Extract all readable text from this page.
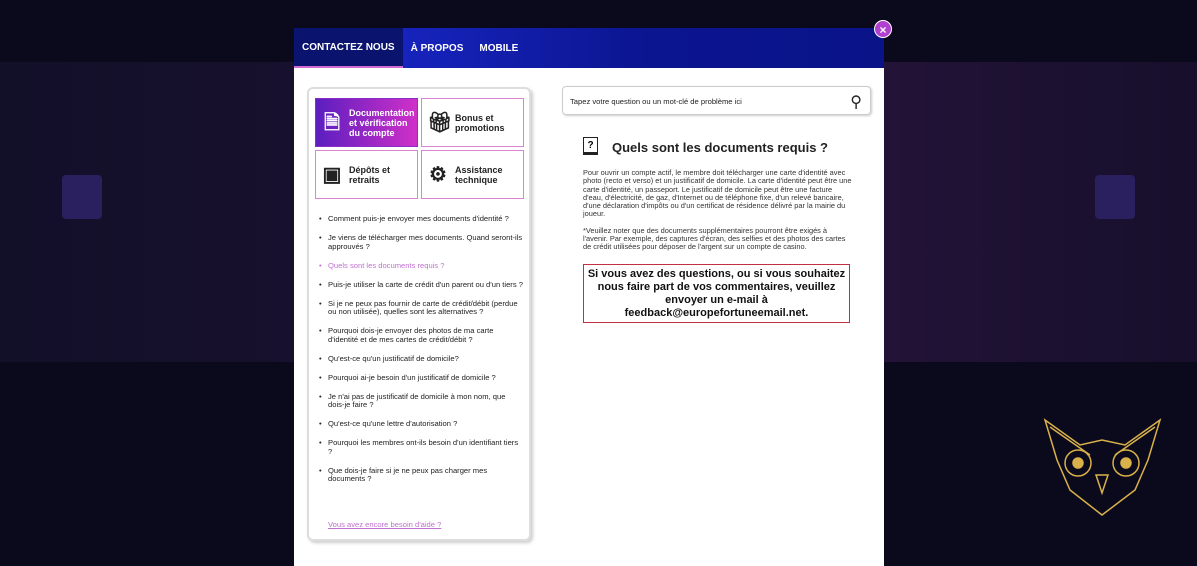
CONTACTEZ NOUS	À PROPOS	MOBILE
🗎 Documentation et vérification du compte	🎁︎ Bonus et promotions
▣ Dépôts et retraits	⚙ Assistance technique
• Comment puis-je envoyer mes documents d'identité ?
• Je viens de télécharger mes documents. Quand seront-ils approuvés ?
• Quels sont les documents requis ?
• Puis-je utiliser la carte de crédit d'un parent ou d'un tiers ?
• Si je ne peux pas fournir de carte de crédit/débit (perdue ou non utilisée), quelles sont les alternatives ?
• Pourquoi dois-je envoyer des photos de ma carte d'identité et de mes cartes de crédit/débit ?
• Qu'est-ce qu'un justificatif de domicile?
• Pourquoi ai-je besoin d'un justificatif de domicile ?
• Je n'ai pas de justificatif de domicile à mon nom, que dois-je faire ?
• Qu'est-ce qu'une lettre d'autorisation ?
• Pourquoi les membres ont-ils besoin d'un identifiant tiers ?
• Que dois-je faire si je ne peux pas charger mes documents ?
Vous avez encore besoin d'aide ?
Tapez votre question ou un mot-clé de problème ici	⚲
?	Quels sont les documents requis ?

Pour ouvrir un compte actif, le membre doit télécharger une carte d'identité avec photo (recto et verso) et un justificatif de domicile. La carte d'identité peut être une carte d'identité, un passeport. Le justificatif de domicile peut être une facture d'eau, d'électricité, de gaz, d'Internet ou de téléphone fixe, d'un relevé bancaire, d'une déclaration d'impôts ou d'un certificat de résidence délivré par la mairie du joueur.

*Veuillez noter que des documents supplémentaires pourront être exigés à l'avenir. Par exemple, des captures d'écran, des selfies et des photos des cartes de crédit utilisées pour déposer de l'argent sur un compte de casino.

Si vous avez des questions, ou si vous souhaitez nous faire part de vos commentaires, veuillez envoyer un e-mail à feedback@europefortuneemail.net.
×
